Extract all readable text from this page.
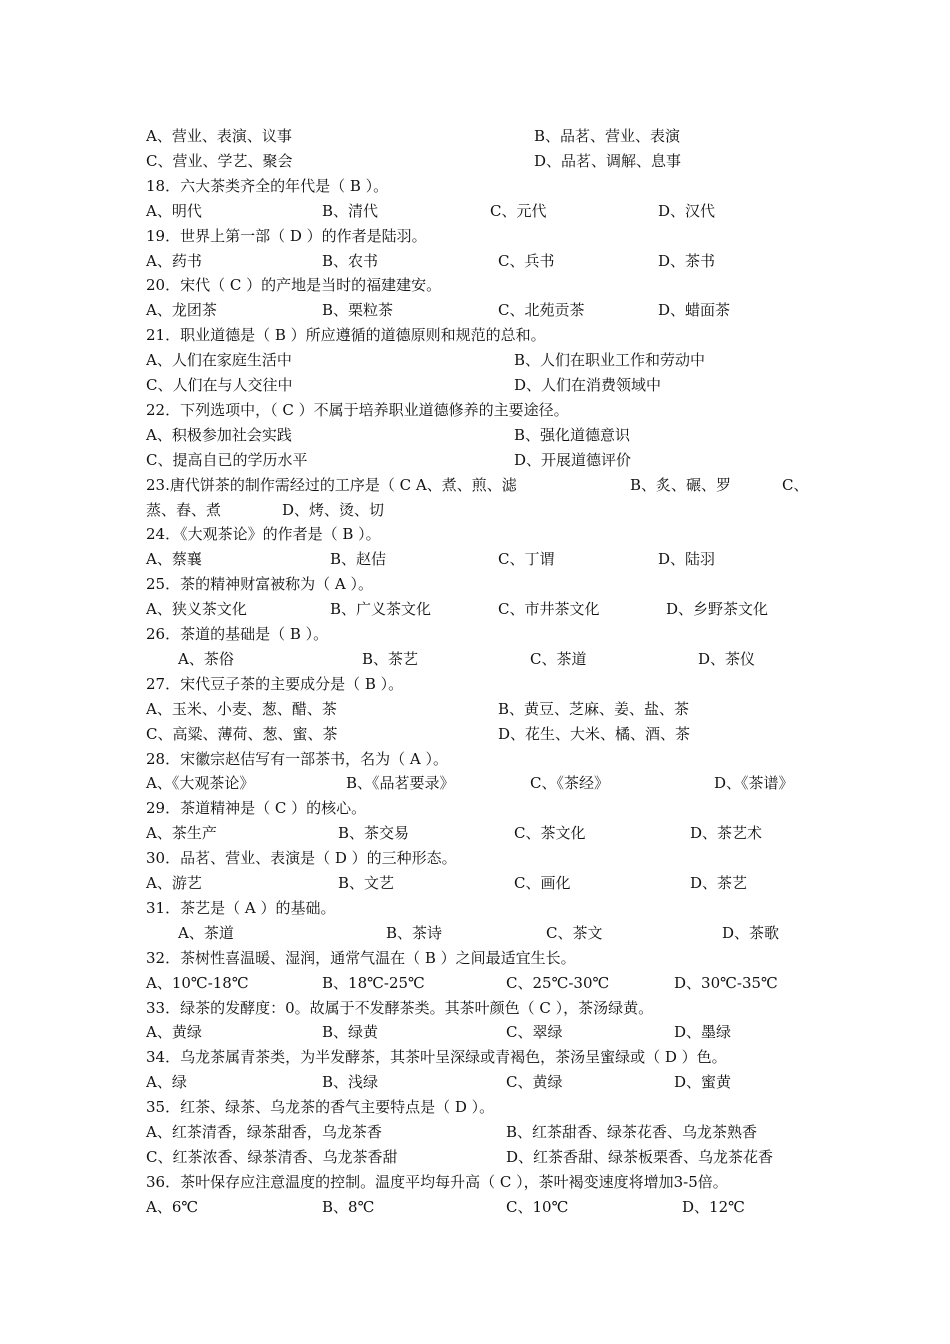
A、营业、表演、议事	B、品茗、营业、表演
C、营业、学艺、聚会	D、品茗、调解、息事
18．六大茶类齐全的年代是（ B ）。
A、明代	B、清代	C、元代	D、汉代
19．世界上第一部（ D ）的作者是陆羽。
A、药书	B、农书	C、兵书	D、茶书
20．宋代（ C ）的产地是当时的福建建安。
A、龙团茶	B、栗粒茶	C、北苑贡茶	D、蜡面茶
21．职业道德是（ B ）所应遵循的道德原则和规范的总和。
A、人们在家庭生活中	B、人们在职业工作和劳动中
C、人们在与人交往中	D、人们在消费领域中
22．下列选项中，（ C ）不属于培养职业道德修养的主要途径。
A、积极参加社会实践	B、强化道德意识
C、提高自已的学历水平	D、开展道德评价
23.唐代饼茶的制作需经过的工序是（ C A、煮、煎、滤	B、炙、碾、罗	C、
蒸、舂、煮	D、烤、烫、切
24．《大观茶论》的作者是（ B ）。
A、蔡襄	B、赵佶	C、丁谓	D、陆羽
25．茶的精神财富被称为（ A ）。
A、狭义茶文化	B、广义茶文化	C、市井茶文化	D、乡野茶文化
26．茶道的基础是（ B ）。
A、茶俗	B、茶艺	C、茶道	D、茶仪
27．宋代豆子茶的主要成分是（ B ）。
A、玉米、小麦、葱、醋、茶	B、黄豆、芝麻、姜、盐、茶
C、高粱、薄荷、葱、蜜、茶	D、花生、大米、橘、酒、茶
28．宋徽宗赵佶写有一部茶书，名为（ A ）。
A、《大观茶论》	B、《品茗要录》	C、《茶经》	D、《茶谱》
29．茶道精神是（ C ）的核心。
A、茶生产	B、茶交易	C、茶文化	D、茶艺术
30．品茗、营业、表演是（ D ）的三种形态。
A、游艺	B、文艺	C、画化	D、茶艺
31．茶艺是（ A ）的基础。
A、茶道	B、茶诗	C、茶文	D、茶歌
32．茶树性喜温暖、湿润，通常气温在（ B ）之间最适宜生长。
A、10℃-18℃	B、18℃-25℃	C、25℃-30℃	D、30℃-35℃
33．绿茶的发酵度：0。故属于不发酵茶类。其茶叶颜色（ C ），茶汤绿黄。
A、黄绿	B、绿黄	C、翠绿	D、墨绿
34．乌龙茶属青茶类，为半发酵茶，其茶叶呈深绿或青褐色，茶汤呈蜜绿或（ D ）色。
A、绿	B、浅绿	C、黄绿	D、蜜黄
35．红茶、绿茶、乌龙茶的香气主要特点是（ D ）。
A、红茶清香，绿茶甜香，乌龙茶香	B、红茶甜香、绿茶花香、乌龙茶熟香
C、红茶浓香、绿茶清香、乌龙茶香甜	D、红茶香甜、绿茶板栗香、乌龙茶花香
36．茶叶保存应注意温度的控制。温度平均每升高（ C ），茶叶褐变速度将增加3-5倍。
A、6℃	B、8℃	C、10℃	D、12℃
